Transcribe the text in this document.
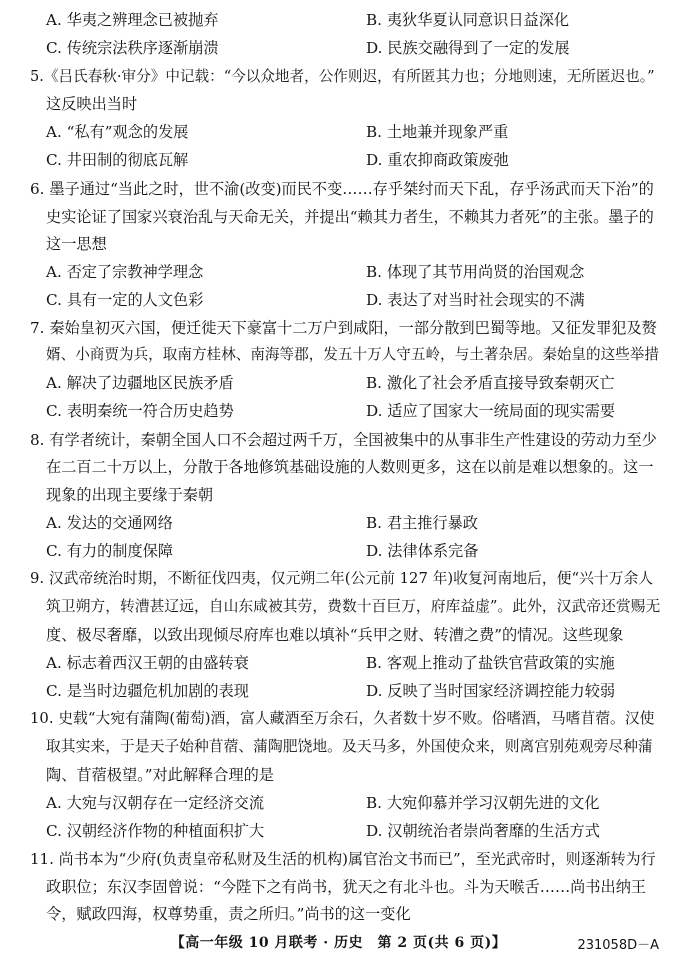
A. 华夷之辨理念已被抛弃	B. 夷狄华夏认同意识日益深化
C. 传统宗法秩序逐渐崩溃	D. 民族交融得到了一定的发展
5.《吕氏春秋·审分》中记载：“今以众地者，公作则迟，有所匿其力也；分地则速，无所匿迟也。”
这反映出当时
A. “私有”观念的发展	B. 土地兼并现象严重
C. 井田制的彻底瓦解	D. 重农抑商政策废弛
6. 墨子通过“当此之时，世不渝(改变)而民不变……存乎桀纣而天下乱，存乎汤武而天下治”的
史实论证了国家兴衰治乱与天命无关，并提出“赖其力者生，不赖其力者死”的主张。墨子的
这一思想
A. 否定了宗教神学理念	B. 体现了其节用尚贤的治国观念
C. 具有一定的人文色彩	D. 表达了对当时社会现实的不满
7. 秦始皇初灭六国，便迁徙天下豪富十二万户到咸阳，一部分散到巴蜀等地。又征发罪犯及赘
婿、小商贾为兵，取南方桂林、南海等郡，发五十万人守五岭，与土著杂居。秦始皇的这些举措
A. 解决了边疆地区民族矛盾	B. 激化了社会矛盾直接导致秦朝灭亡
C. 表明秦统一符合历史趋势	D. 适应了国家大一统局面的现实需要
8. 有学者统计，秦朝全国人口不会超过两千万，全国被集中的从事非生产性建设的劳动力至少
在二百二十万以上，分散于各地修筑基础设施的人数则更多，这在以前是难以想象的。这一
现象的出现主要缘于秦朝
A. 发达的交通网络	B. 君主推行暴政
C. 有力的制度保障	D. 法律体系完备
9. 汉武帝统治时期，不断征伐四夷，仅元朔二年(公元前 127 年)收复河南地后，便“兴十万余人
筑卫朔方，转漕甚辽远，自山东咸被其劳，费数十百巨万，府库益虚”。此外，汉武帝还赏赐无
度、极尽奢靡，以致出现倾尽府库也难以填补“兵甲之财、转漕之费”的情况。这些现象
A. 标志着西汉王朝的由盛转衰	B. 客观上推动了盐铁官营政策的实施
C. 是当时边疆危机加剧的表现	D. 反映了当时国家经济调控能力较弱
10. 史载“大宛有蒲陶(葡萄)酒，富人藏酒至万余石，久者数十岁不败。俗嗜酒，马嗜苜蓿。汉使
取其实来，于是天子始种苜蓿、蒲陶肥饶地。及天马多，外国使众来，则离宫别苑观旁尽种蒲
陶、苜蓿极望。”对此解释合理的是
A. 大宛与汉朝存在一定经济交流	B. 大宛仰慕并学习汉朝先进的文化
C. 汉朝经济作物的种植面积扩大	D. 汉朝统治者崇尚奢靡的生活方式
11. 尚书本为“少府(负责皇帝私财及生活的机构)属官治文书而已”，至光武帝时，则逐渐转为行
政职位；东汉李固曾说：“今陛下之有尚书，犹天之有北斗也。斗为天喉舌……尚书出纳王
令，赋政四海，权尊势重，责之所归。”尚书的这一变化
【高一年级 10 月联考 · 历史　第 2 页(共 6 页)】	231058D－A
